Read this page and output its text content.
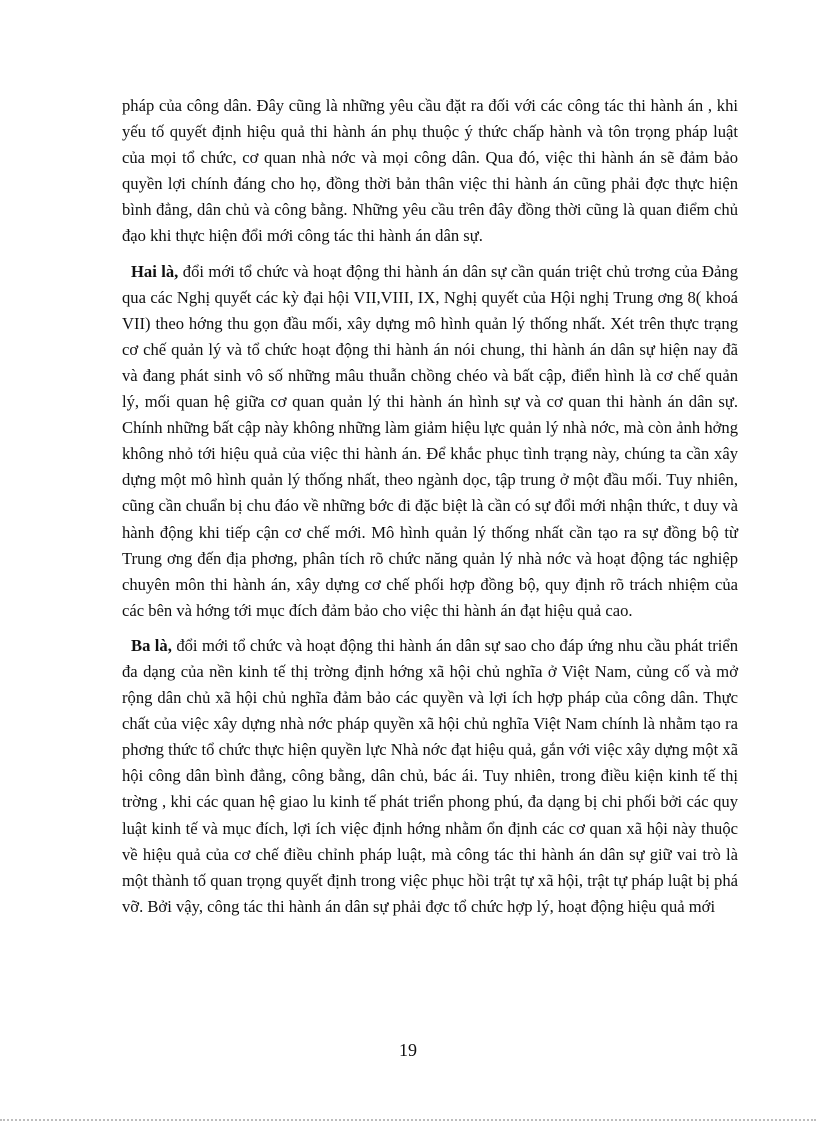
pháp của công dân. Đây cũng là những yêu cầu đặt ra đối với các công tác thi hành án , khi yếu tố quyết định hiệu quả thi hành án phụ thuộc ý thức chấp hành và tôn trọng pháp luật của mọi tổ chức, cơ quan nhà nớc và mọi công dân. Qua đó, việc thi hành án sẽ đảm bảo quyền lợi chính đáng cho họ, đồng thời bản thân việc thi hành án cũng phải đợc thực hiện bình đẳng, dân chủ và công bằng. Những yêu cầu trên đây đồng thời cũng là quan điểm chủ đạo khi thực hiện đổi mới công tác thi hành án dân sự.

Hai là, đổi mới tổ chức và hoạt động thi hành án dân sự cần quán triệt chủ trơng của Đảng qua các Nghị quyết các kỳ đại hội VII,VIII, IX, Nghị quyết của Hội nghị Trung ơng 8( khoá VII) theo hớng thu gọn đầu mối, xây dựng mô hình quản lý thống nhất. Xét trên thực trạng cơ chế quản lý và tổ chức hoạt động thi hành án nói chung, thi hành án dân sự hiện nay đã và đang phát sinh vô số những mâu thuẫn chồng chéo và bất cập, điển hình là cơ chế quản lý, mối quan hệ giữa cơ quan quản lý thi hành án hình sự và cơ quan thi hành án dân sự. Chính những bất cập này không những làm giảm hiệu lực quản lý nhà nớc, mà còn ảnh hởng không nhỏ tới hiệu quả của việc thi hành án. Để khắc phục tình trạng này, chúng ta cần xây dựng một mô hình quản lý thống nhất, theo ngành dọc, tập trung ở một đầu mối. Tuy nhiên, cũng cần chuẩn bị chu đáo về những bớc đi đặc biệt là cần có sự đổi mới nhận thức, t duy và hành động khi tiếp cận cơ chế mới. Mô hình quản lý thống nhất cần tạo ra sự đồng bộ từ Trung ơng đến địa phơng, phân tích rõ chức năng quản lý nhà nớc và hoạt động tác nghiệp chuyên môn thi hành án, xây dựng cơ chế phối hợp đồng bộ, quy định rõ trách nhiệm của các bên và hớng tới mục đích đảm bảo cho việc thi hành án đạt hiệu quả cao.

Ba là, đổi mới tổ chức và hoạt động thi hành án dân sự sao cho đáp ứng nhu cầu phát triển đa dạng của nền kinh tế thị trờng định hớng xã hội chủ nghĩa ở Việt Nam, củng cố và mở rộng dân chủ xã hội chủ nghĩa đảm bảo các quyền và lợi ích hợp pháp của công dân. Thực chất của việc xây dựng nhà nớc pháp quyền xã hội chủ nghĩa Việt Nam chính là nhằm tạo ra phơng thức tổ chức thực hiện quyền lực Nhà nớc đạt hiệu quả, gắn với việc xây dựng một xã hội công dân bình đẳng, công bằng, dân chủ, bác ái. Tuy nhiên, trong điều kiện kinh tế thị trờng , khi các quan hệ giao lu kinh tế phát triển phong phú, đa dạng bị chi phối bởi các quy luật kinh tế và mục đích, lợi ích việc định hớng nhằm ổn định các cơ quan xã hội này thuộc về hiệu quả của cơ chế điều chỉnh pháp luật, mà công tác thi hành án dân sự giữ vai trò là một thành tố quan trọng quyết định trong việc phục hồi trật tự xã hội, trật tự pháp luật bị phá vỡ. Bởi vậy, công tác thi hành án dân sự phải đợc tổ chức hợp lý, hoạt động hiệu quả mới

19
